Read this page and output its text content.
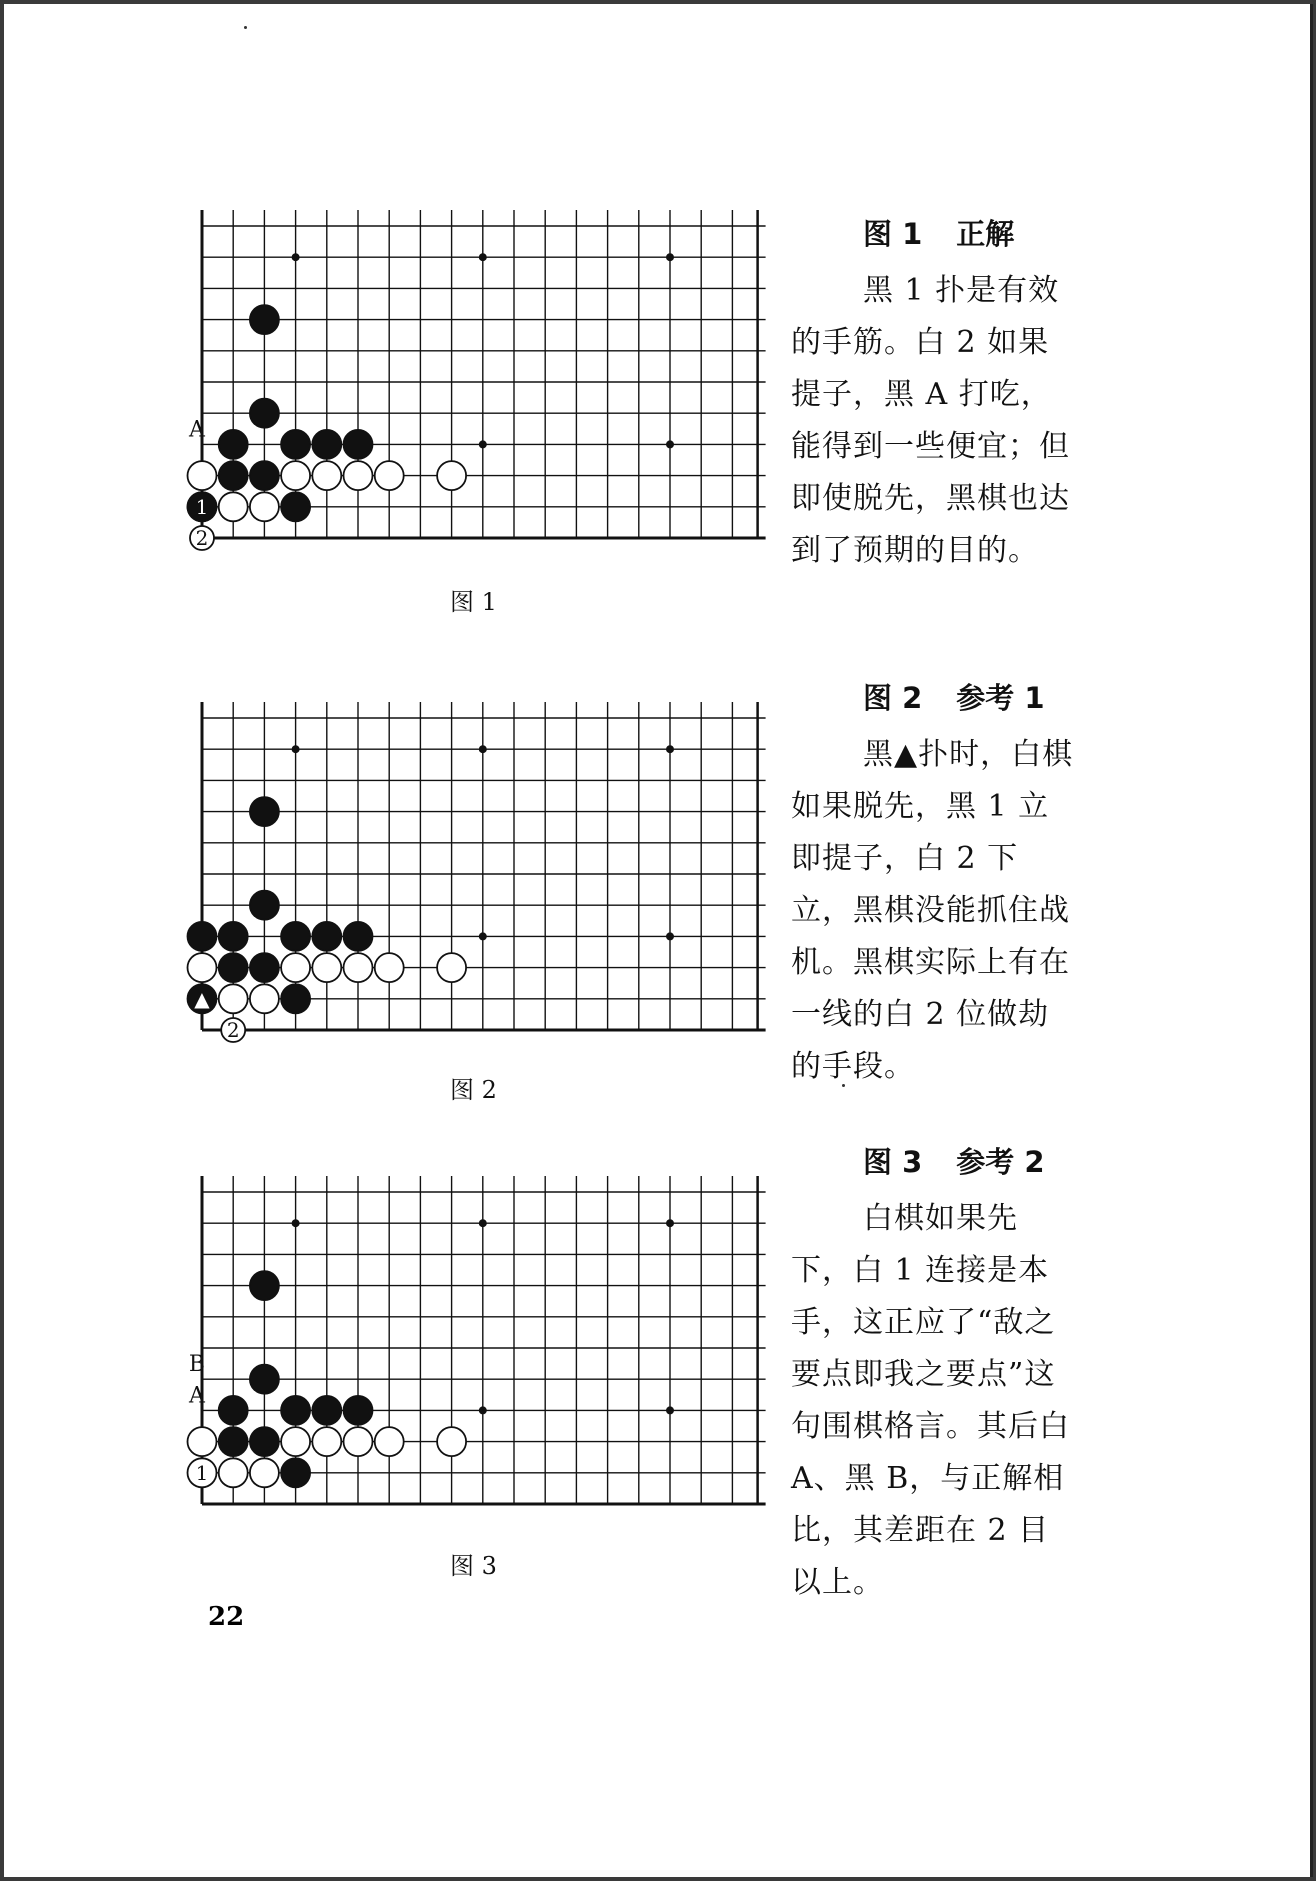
1
2
A
图 1
图 1 正解
黑 1 扑是有效的手筋。白 2 如果提子，黑 A 打吃，能得到一些便宜；但即使脱先，黑棋也达到了预期的目的。
▲
2
图 2
图 2 参考 1
黑▲扑时，白棋如果脱先，黑 1 立即提子，白 2 下立，黑棋没能抓住战机。黑棋实际上有在一线的白 2 位做劫的手段。
1
B
A
图 3
图 3 参考 2
白棋如果先下，白 1 连接是本手，这正应了“敌之要点即我之要点”这句围棋格言。其后白 A、黑 B，与正解相比，其差距在 2 目以上。
22
